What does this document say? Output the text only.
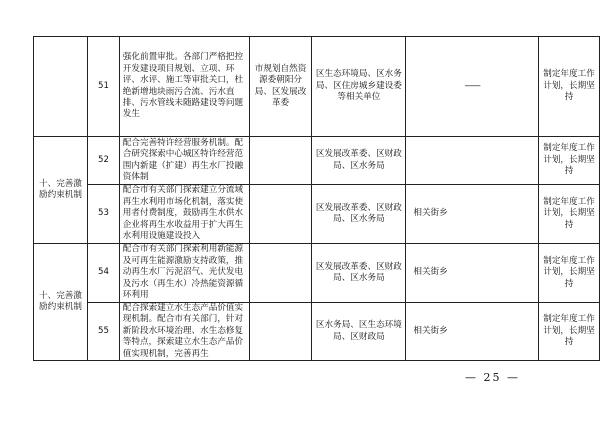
	51	强化前置审批。各部门严格把控开发建设项目规划、立项、环评、水评、施工等审批关口，杜绝新增地块雨污合流、污水直排、污水管线未随路建设等问题发生	市规划自然资源委朝阳分局、区发展改革委	区生态环境局、区水务局、区住房城乡建设委等相关单位	——	制定年度工作计划，长期坚持

十、完善激励约束机制	52	配合完善特许经营服务机制。配合研究探索中心城区特许经营范围内新建（扩建）再生水厂投融资体制		区发展改革委、区财政局、区水务局		制定年度工作计划，长期坚持
	53	配合市有关部门探索建立分流域再生水利用市场化机制，落实使用者付费制度，鼓励再生水供水企业将再生水收益用于扩大再生水利用设施建设投入		区发展改革委、区财政局、区水务局	相关街乡	制定年度工作计划，长期坚持

十、完善激励约束机制	54	配合市有关部门探索利用新能源及可再生能源激励支持政策，推动再生水厂污泥沼气、光伏发电及污水（再生水）冷热能资源循环利用		区发展改革委、区财政局、区水务局	相关街乡	制定年度工作计划，长期坚持
	55	配合探索建立水生态产品价值实现机制。配合市有关部门，针对新阶段水环境治理、水生态修复等特点，探索建立水生态产品价值实现机制，完善再生		区水务局、区生态环境局、区财政局	相关街乡	制定年度工作计划，长期坚持
— 25 —
